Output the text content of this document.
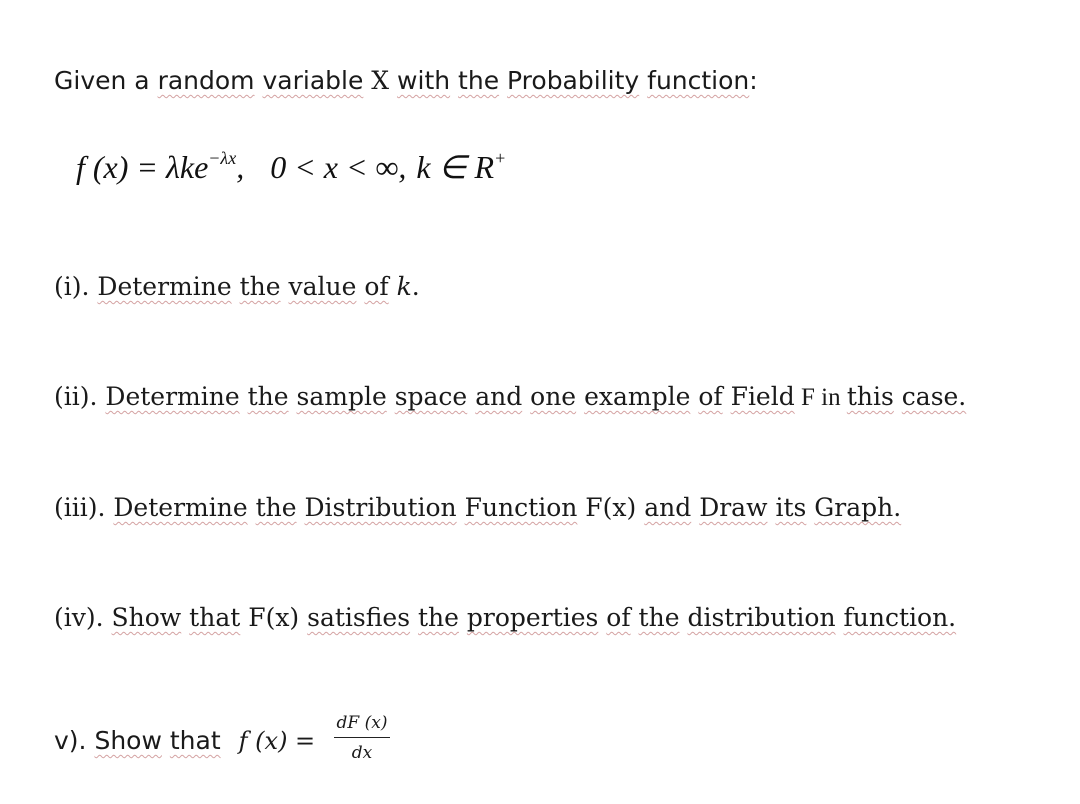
Given a random variable X with the Probability function:
f (x) = λke$^{-\lambda x}$, 0 < x < ∞, k ∈ R+
(i). Determine the value of k.
(ii). Determine the sample space and one example of Field F in this case.
(iii). Determine the Distribution Function F(x) and Draw its Graph.
(iv). Show that F(x) satisfies the properties of the distribution function.
v). Show that f (x) =
dF (x)
dx
